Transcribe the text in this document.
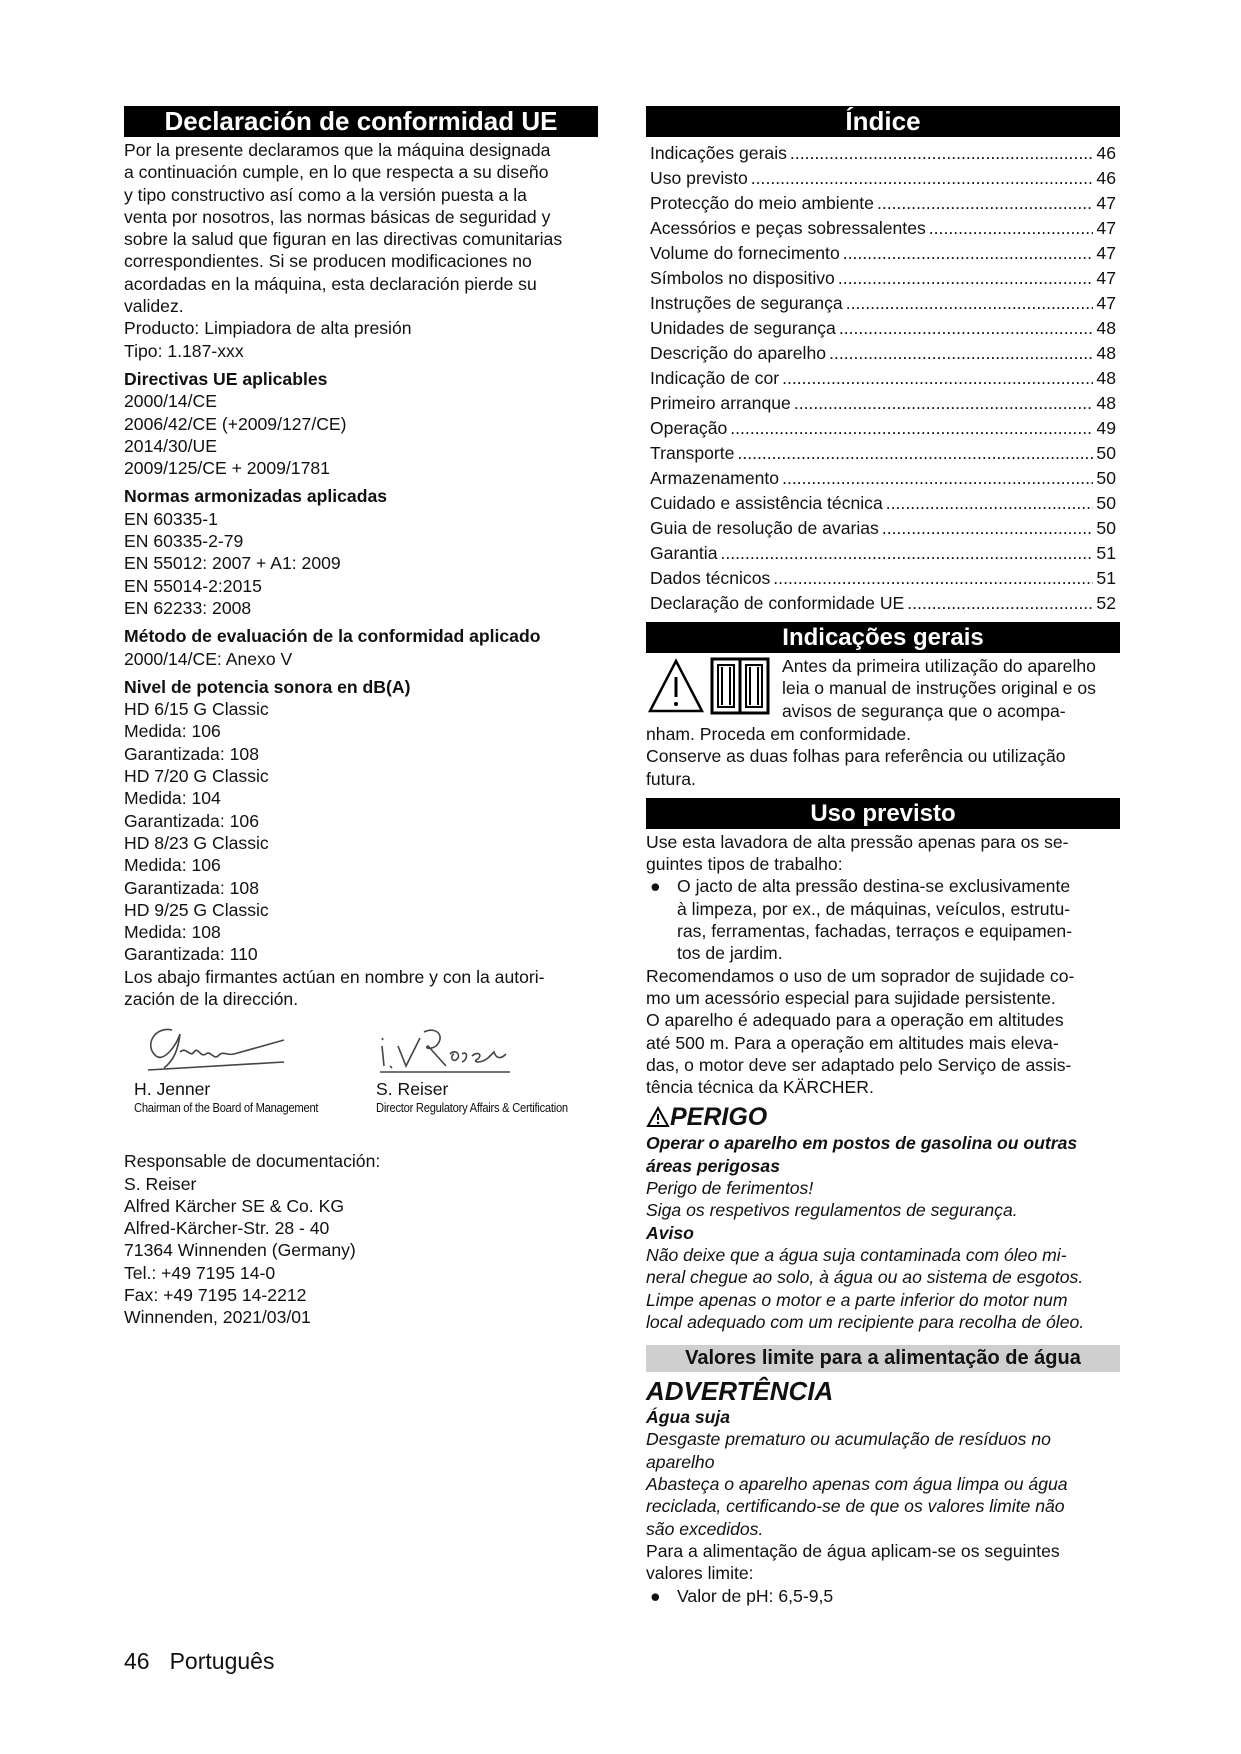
Declaración de conformidad UE
Por la presente declaramos que la máquina designada
a continuación cumple, en lo que respecta a su diseño
y tipo constructivo así como a la versión puesta a la
venta por nosotros, las normas básicas de seguridad y
sobre la salud que figuran en las directivas comunitarias
correspondientes. Si se producen modificaciones no
acordadas en la máquina, esta declaración pierde su
validez.
Producto: Limpiadora de alta presión
Tipo: 1.187-xxx
Directivas UE aplicables
2000/14/CE
2006/42/CE (+2009/127/CE)
2014/30/UE
2009/125/CE + 2009/1781
Normas armonizadas aplicadas
EN 60335-1
EN 60335-2-79
EN 55012: 2007 + A1: 2009
EN 55014-2:2015
EN 62233: 2008
Método de evaluación de la conformidad aplicado
2000/14/CE: Anexo V
Nivel de potencia sonora en dB(A)
HD 6/15 G Classic
Medida: 106
Garantizada: 108
HD 7/20 G Classic
Medida: 104
Garantizada: 106
HD 8/23 G Classic
Medida: 106
Garantizada: 108
HD 9/25 G Classic
Medida: 108
Garantizada: 110
Los abajo firmantes actúan en nombre y con la autori-
zación de la dirección.
H. Jenner
Chairman of the Board of Management
S. Reiser
Director Regulatory Affairs & Certification
Responsable de documentación:
S. Reiser
Alfred Kärcher SE & Co. KG
Alfred-Kärcher-Str. 28 - 40
71364 Winnenden (Germany)
Tel.: +49 7195 14-0
Fax: +49 7195 14-2212
Winnenden, 2021/03/01
Índice
Indicações gerais .....	46
Uso previsto .....	46
Protecção do meio ambiente .....	47
Acessórios e peças sobressalentes .....	47
Volume do fornecimento .....	47
Símbolos no dispositivo .....	47
Instruções de segurança .....	47
Unidades de segurança .....	48
Descrição do aparelho .....	48
Indicação de cor .....	48
Primeiro arranque .....	48
Operação .....	49
Transporte .....	50
Armazenamento .....	50
Cuidado e assistência técnica .....	50
Guia de resolução de avarias .....	50
Garantia .....	51
Dados técnicos .....	51
Declaração de conformidade UE .....	52
Indicações gerais
Antes da primeira utilização do aparelho
leia o manual de instruções original e os
avisos de segurança que o acompa-
nham. Proceda em conformidade.
Conserve as duas folhas para referência ou utilização
futura.
Uso previsto
Use esta lavadora de alta pressão apenas para os se-
guintes tipos de trabalho:
● O jacto de alta pressão destina-se exclusivamente
à limpeza, por ex., de máquinas, veículos, estrutu-
ras, ferramentas, fachadas, terraços e equipamen-
tos de jardim.
Recomendamos o uso de um soprador de sujidade co-
mo um acessório especial para sujidade persistente.
O aparelho é adequado para a operação em altitudes
até 500 m. Para a operação em altitudes mais eleva-
das, o motor deve ser adaptado pelo Serviço de assis-
tência técnica da KÄRCHER.
PERIGO
Operar o aparelho em postos de gasolina ou outras
áreas perigosas
Perigo de ferimentos!
Siga os respetivos regulamentos de segurança.
Aviso
Não deixe que a água suja contaminada com óleo mi-
neral chegue ao solo, à água ou ao sistema de esgotos.
Limpe apenas o motor e a parte inferior do motor num
local adequado com um recipiente para recolha de óleo.
Valores limite para a alimentação de água
ADVERTÊNCIA
Água suja
Desgaste prematuro ou acumulação de resíduos no
aparelho
Abasteça o aparelho apenas com água limpa ou água
reciclada, certificando-se de que os valores limite não
são excedidos.
Para a alimentação de água aplicam-se os seguintes
valores limite:
● Valor de pH: 6,5-9,5
46 Português
